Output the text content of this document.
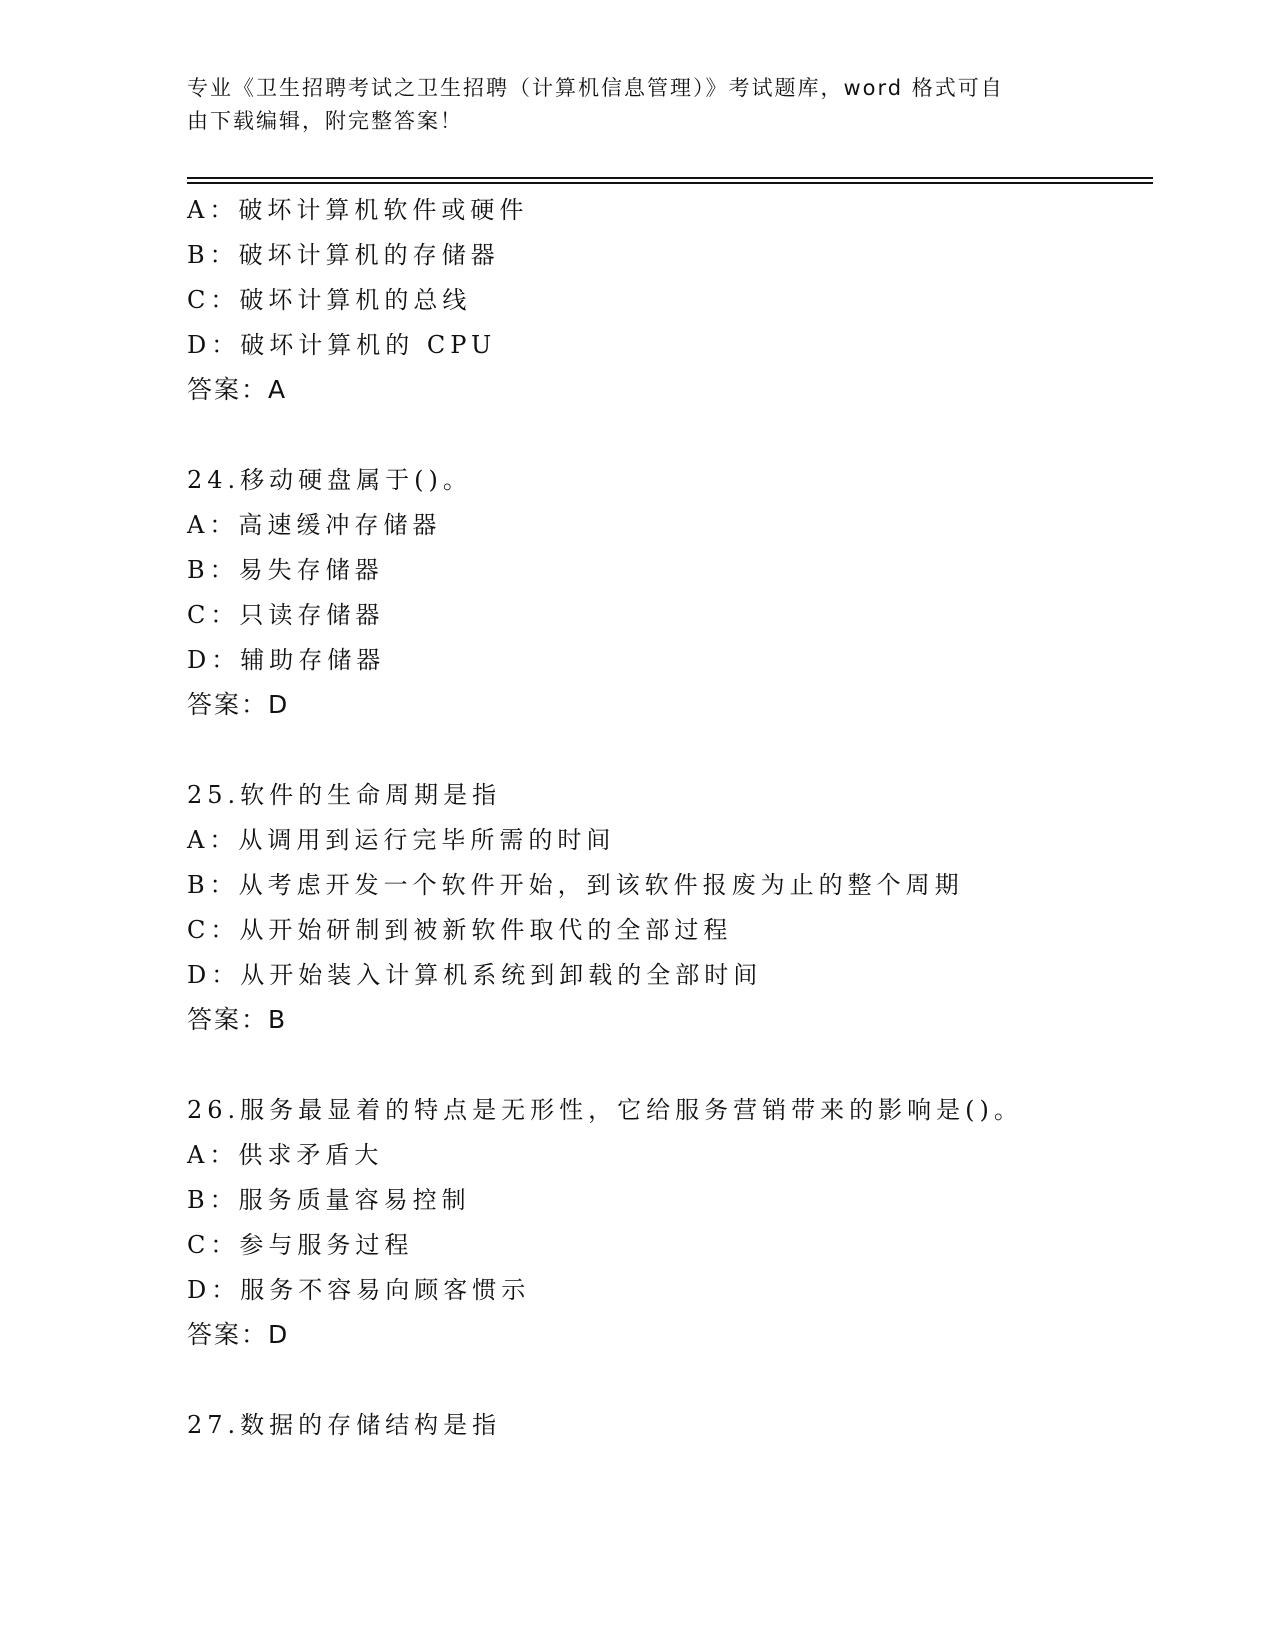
专业《卫生招聘考试之卫生招聘（计算机信息管理）》考试题库，word 格式可自
由下载编辑，附完整答案！
A：破坏计算机软件或硬件
B：破坏计算机的存储器
C：破坏计算机的总线
D：破坏计算机的 CPU
答案：A
24.移动硬盘属于()。
A：高速缓冲存储器
B：易失存储器
C：只读存储器
D：辅助存储器
答案：D
25.软件的生命周期是指
A：从调用到运行完毕所需的时间
B：从考虑开发一个软件开始，到该软件报废为止的整个周期
C：从开始研制到被新软件取代的全部过程
D：从开始装入计算机系统到卸载的全部时间
答案：B
26.服务最显着的特点是无形性，它给服务营销带来的影响是()。
A：供求矛盾大
B：服务质量容易控制
C：参与服务过程
D：服务不容易向顾客惯示
答案：D
27.数据的存储结构是指
